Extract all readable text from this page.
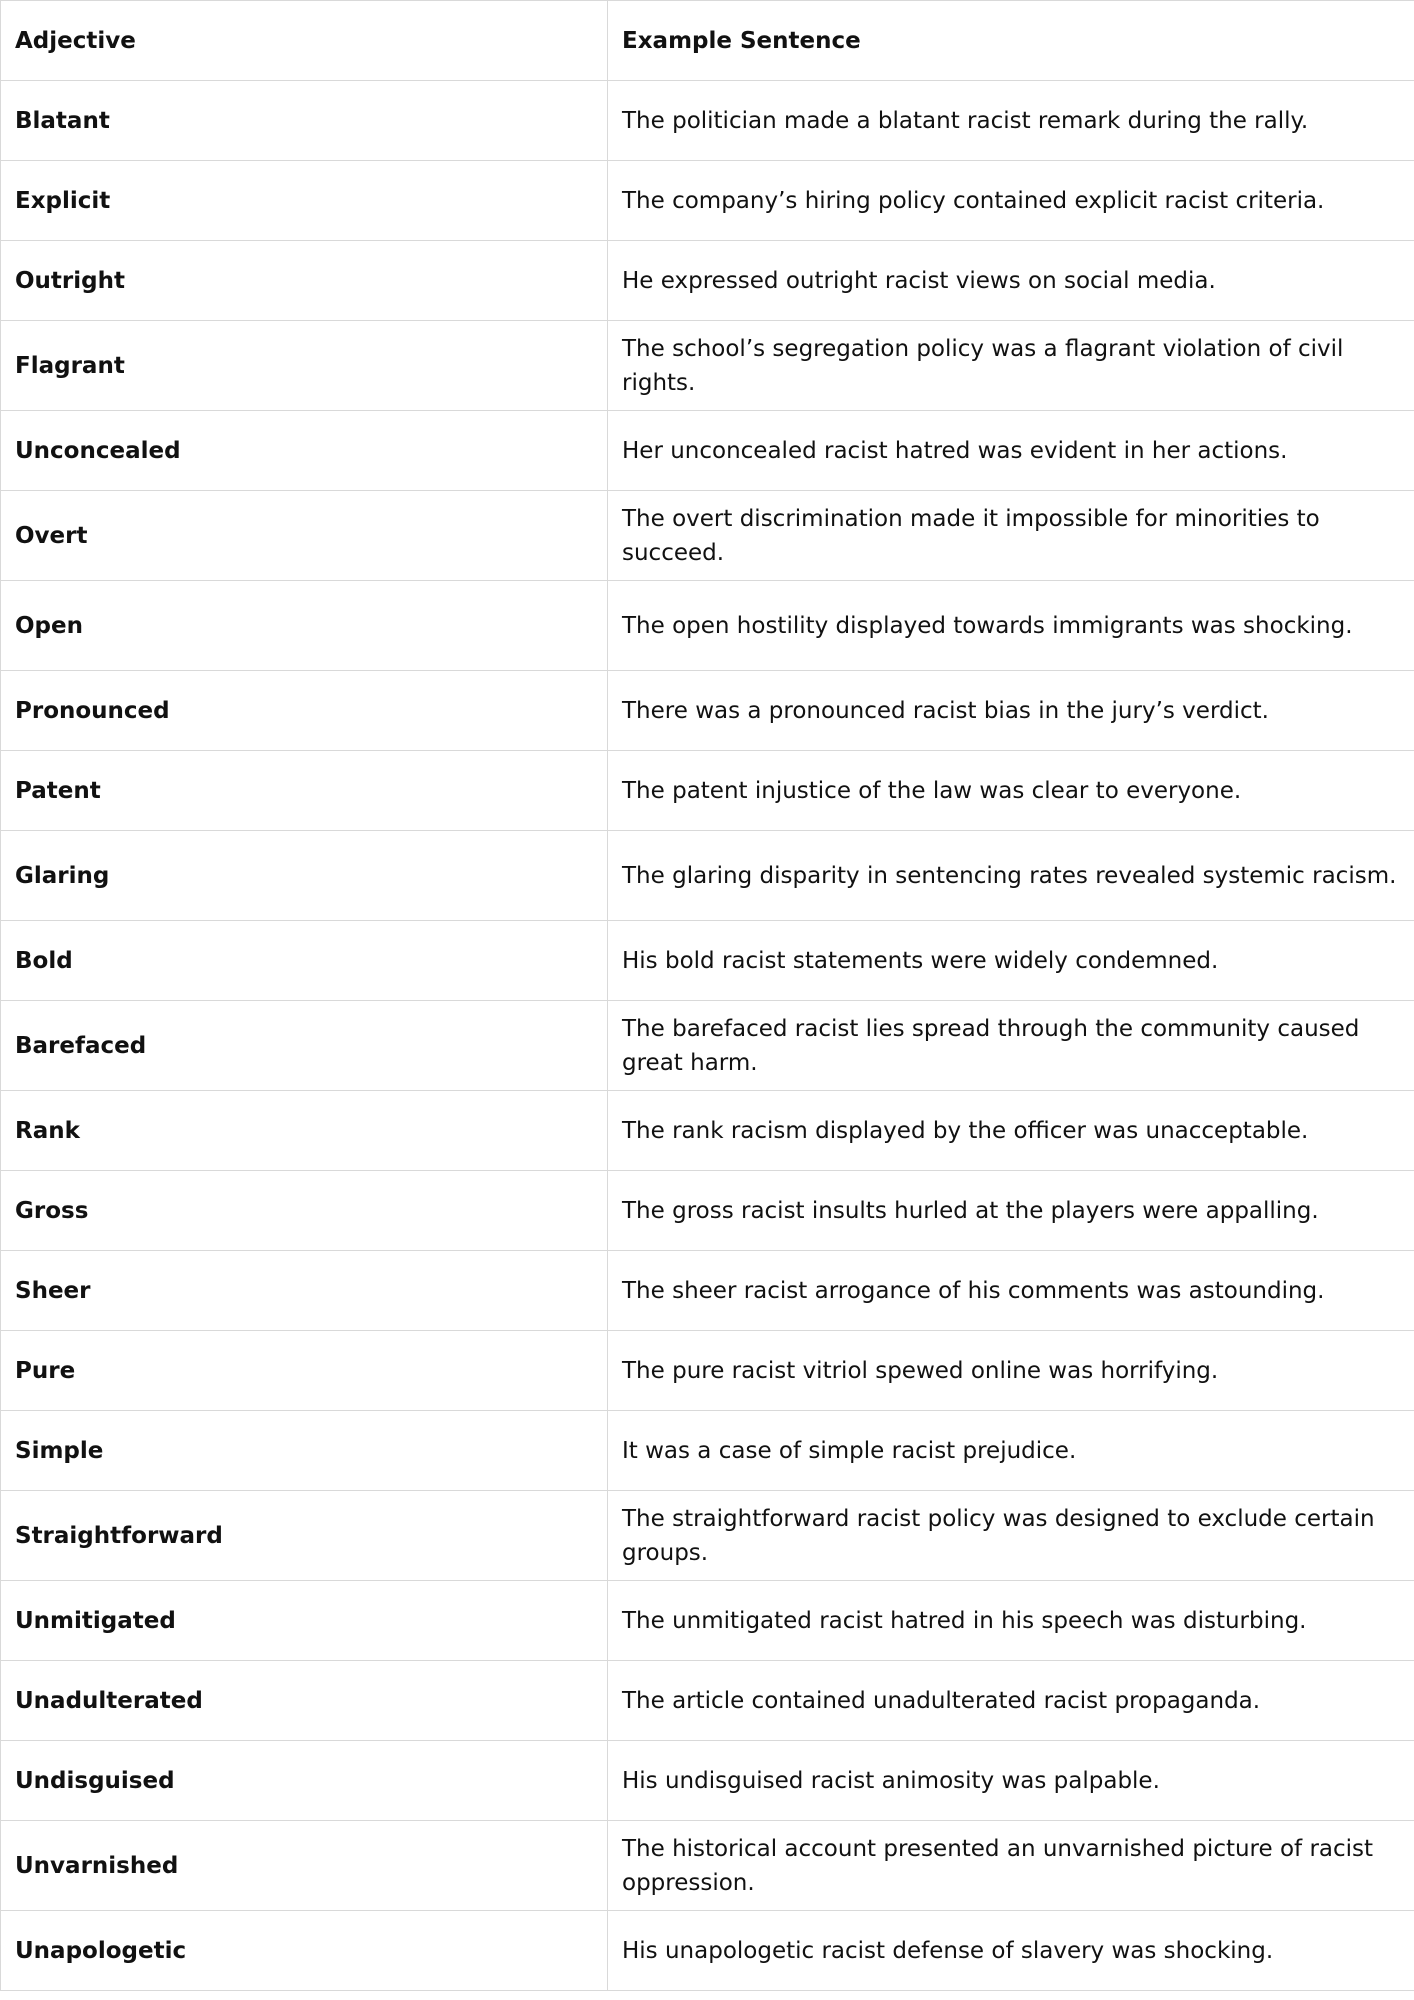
Adjective	Example Sentence
Blatant	The politician made a blatant racist remark during the rally.
Explicit	The company’s hiring policy contained explicit racist criteria.
Outright	He expressed outright racist views on social media.
Flagrant	The school’s segregation policy was a flagrant violation of civil rights.
Unconcealed	Her unconcealed racist hatred was evident in her actions.
Overt	The overt discrimination made it impossible for minorities to succeed.
Open	The open hostility displayed towards immigrants was shocking.
Pronounced	There was a pronounced racist bias in the jury’s verdict.
Patent	The patent injustice of the law was clear to everyone.
Glaring	The glaring disparity in sentencing rates revealed systemic racism.
Bold	His bold racist statements were widely condemned.
Barefaced	The barefaced racist lies spread through the community caused great harm.
Rank	The rank racism displayed by the officer was unacceptable.
Gross	The gross racist insults hurled at the players were appalling.
Sheer	The sheer racist arrogance of his comments was astounding.
Pure	The pure racist vitriol spewed online was horrifying.
Simple	It was a case of simple racist prejudice.
Straightforward	The straightforward racist policy was designed to exclude certain groups.
Unmitigated	The unmitigated racist hatred in his speech was disturbing.
Unadulterated	The article contained unadulterated racist propaganda.
Undisguised	His undisguised racist animosity was palpable.
Unvarnished	The historical account presented an unvarnished picture of racist oppression.
Unapologetic	His unapologetic racist defense of slavery was shocking.
